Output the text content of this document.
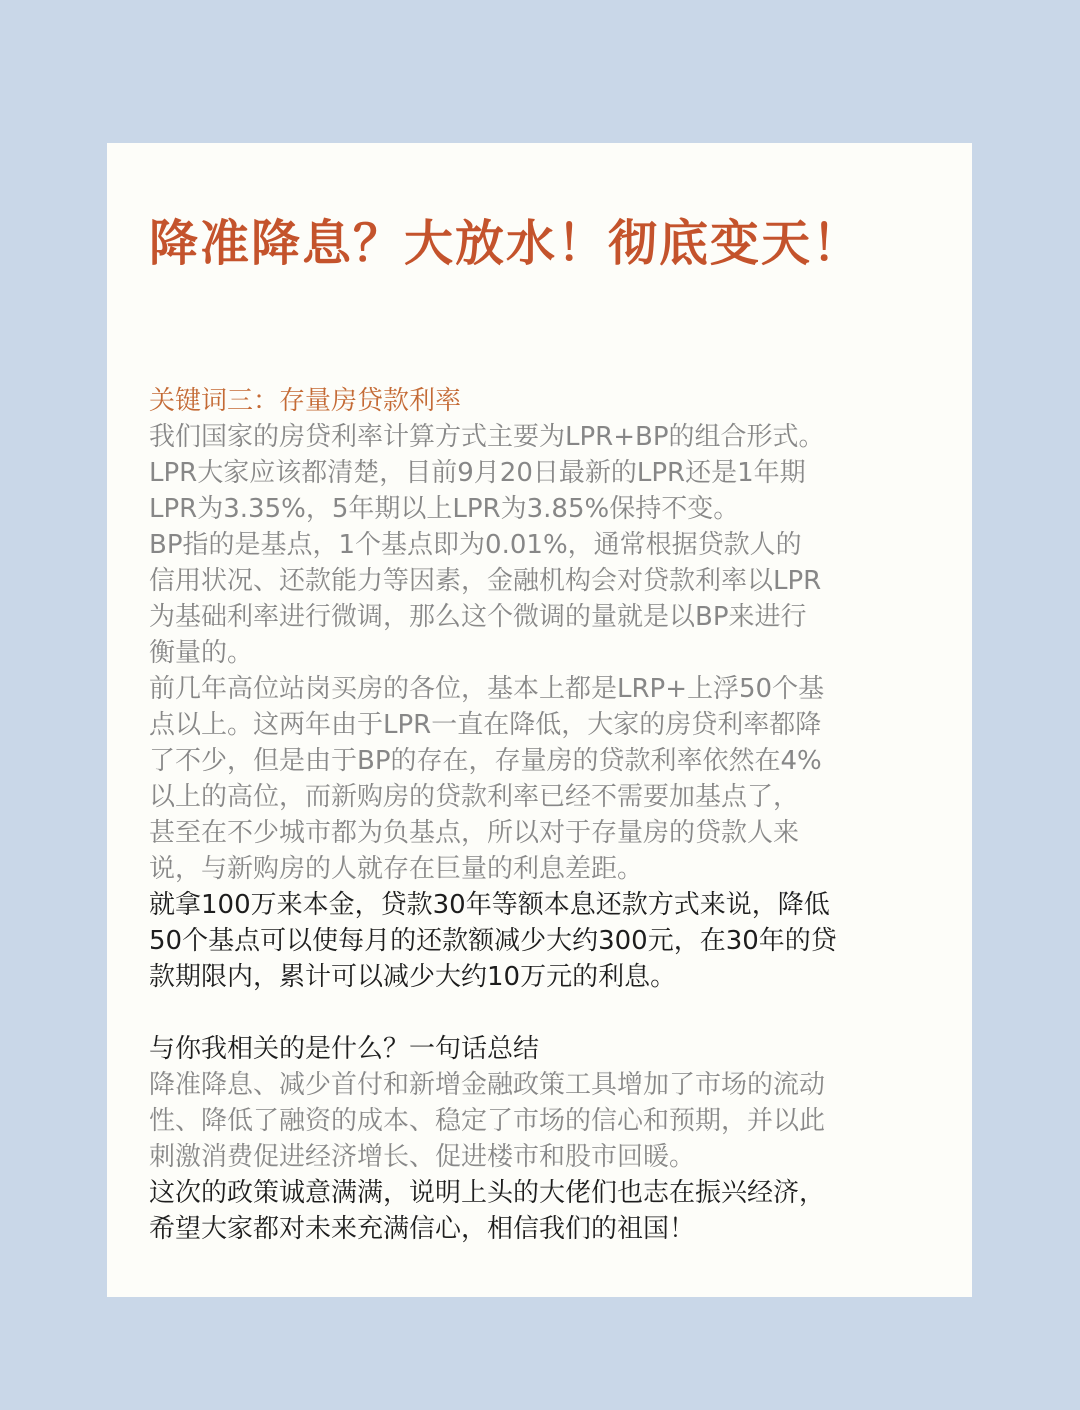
降准降息？大放水！彻底变天！

关键词三：存量房贷款利率

我们国家的房贷利率计算方式主要为LPR+BP的组合形式。

LPR大家应该都清楚，目前9月20日最新的LPR还是1年期

LPR为3.35%，5年期以上LPR为3.85%保持不变。

BP指的是基点，1个基点即为0.01%，通常根据贷款人的

信用状况、还款能力等因素，金融机构会对贷款利率以LPR

为基础利率进行微调，那么这个微调的量就是以BP来进行

衡量的。

前几年高位站岗买房的各位，基本上都是LRP+上浮50个基

点以上。这两年由于LPR一直在降低，大家的房贷利率都降

了不少，但是由于BP的存在，存量房的贷款利率依然在4%

以上的高位，而新购房的贷款利率已经不需要加基点了，

甚至在不少城市都为负基点，所以对于存量房的贷款人来

说，与新购房的人就存在巨量的利息差距。

就拿100万来本金，贷款30年等额本息还款方式来说，降低

50个基点可以使每月的还款额减少大约300元，在30年的贷

款期限内，累计可以减少大约10万元的利息。

与你我相关的是什么？一句话总结

降准降息、减少首付和新增金融政策工具增加了市场的流动

性、降低了融资的成本、稳定了市场的信心和预期，并以此

刺激消费促进经济增长、促进楼市和股市回暖。

这次的政策诚意满满，说明上头的大佬们也志在振兴经济，

希望大家都对未来充满信心，相信我们的祖国！
